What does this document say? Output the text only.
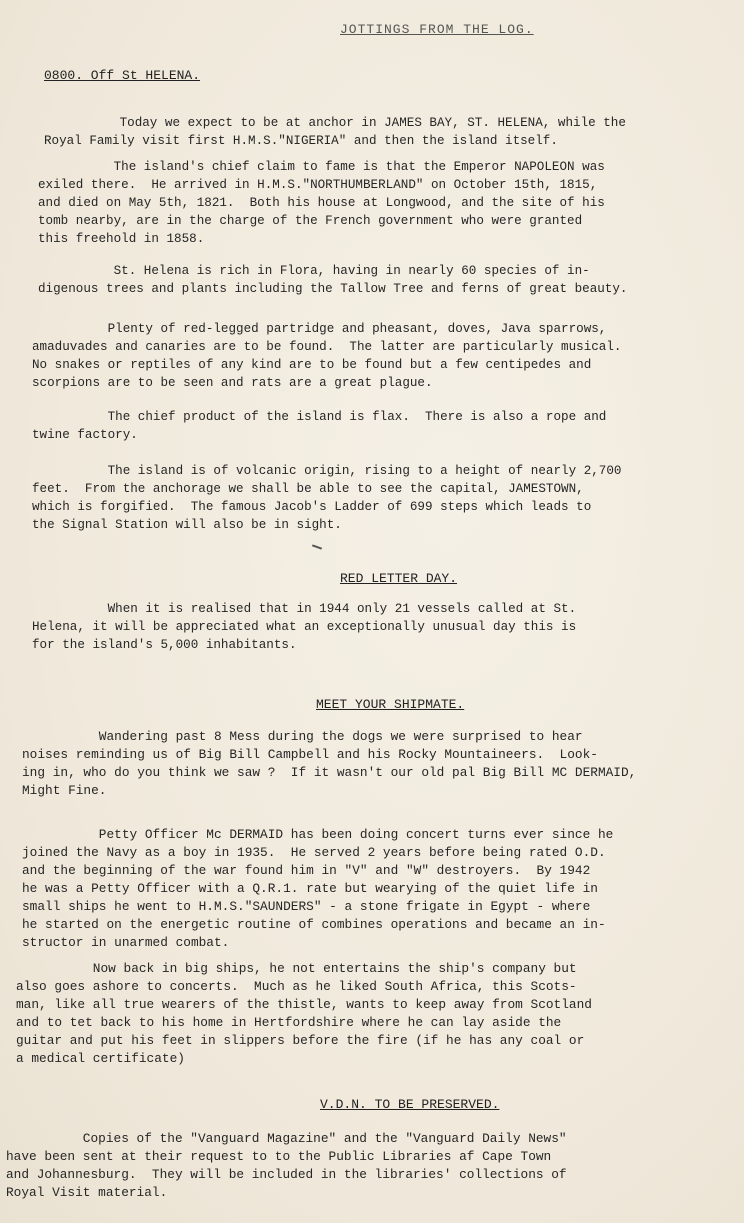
JOTTINGS FROM THE LOG.
0800. Off St HELENA.
Today we expect to be at anchor in JAMES BAY, ST. HELENA, while the
Royal Family visit first H.M.S."NIGERIA" and then the island itself.
The island's chief claim to fame is that the Emperor NAPOLEON was
exiled there.  He arrived in H.M.S."NORTHUMBERLAND" on October 15th, 1815,
and died on May 5th, 1821.  Both his house at Longwood, and the site of his
tomb nearby, are in the charge of the French government who were granted
this freehold in 1858.
St. Helena is rich in Flora, having in nearly 60 species of in-
digenous trees and plants including the Tallow Tree and ferns of great beauty.
Plenty of red-legged partridge and pheasant, doves, Java sparrows,
amaduvades and canaries are to be found.  The latter are particularly musical.
No snakes or reptiles of any kind are to be found but a few centipedes and
scorpions are to be seen and rats are a great plague.
The chief product of the island is flax.  There is also a rope and
twine factory.
The island is of volcanic origin, rising to a height of nearly 2,700
feet.  From the anchorage we shall be able to see the capital, JAMESTOWN,
which is forgified.  The famous Jacob's Ladder of 699 steps which leads to
the Signal Station will also be in sight.
RED LETTER DAY.
When it is realised that in 1944 only 21 vessels called at St.
Helena, it will be appreciated what an exceptionally unusual day this is
for the island's 5,000 inhabitants.
MEET YOUR SHIPMATE.
Wandering past 8 Mess during the dogs we were surprised to hear
noises reminding us of Big Bill Campbell and his Rocky Mountaineers.  Look-
ing in, who do you think we saw ?  If it wasn't our old pal Big Bill MC DERMAID,
Might Fine.
Petty Officer Mc DERMAID has been doing concert turns ever since he
joined the Navy as a boy in 1935.  He served 2 years before being rated O.D.
and the beginning of the war found him in "V" and "W" destroyers.  By 1942
he was a Petty Officer with a Q.R.1. rate but wearying of the quiet life in
small ships he went to H.M.S."SAUNDERS" - a stone frigate in Egypt - where
he started on the energetic routine of combines operations and became an in-
structor in unarmed combat.
Now back in big ships, he not entertains the ship's company but
also goes ashore to concerts.  Much as he liked South Africa, this Scots-
man, like all true wearers of the thistle, wants to keep away from Scotland
and to tet back to his home in Hertfordshire where he can lay aside the
guitar and put his feet in slippers before the fire (if he has any coal or
a medical certificate)
V.D.N. TO BE PRESERVED.
Copies of the "Vanguard Magazine" and the "Vanguard Daily News"
have been sent at their request to to the Public Libraries af Cape Town
and Johannesburg.  They will be included in the libraries' collections of
Royal Visit material.
